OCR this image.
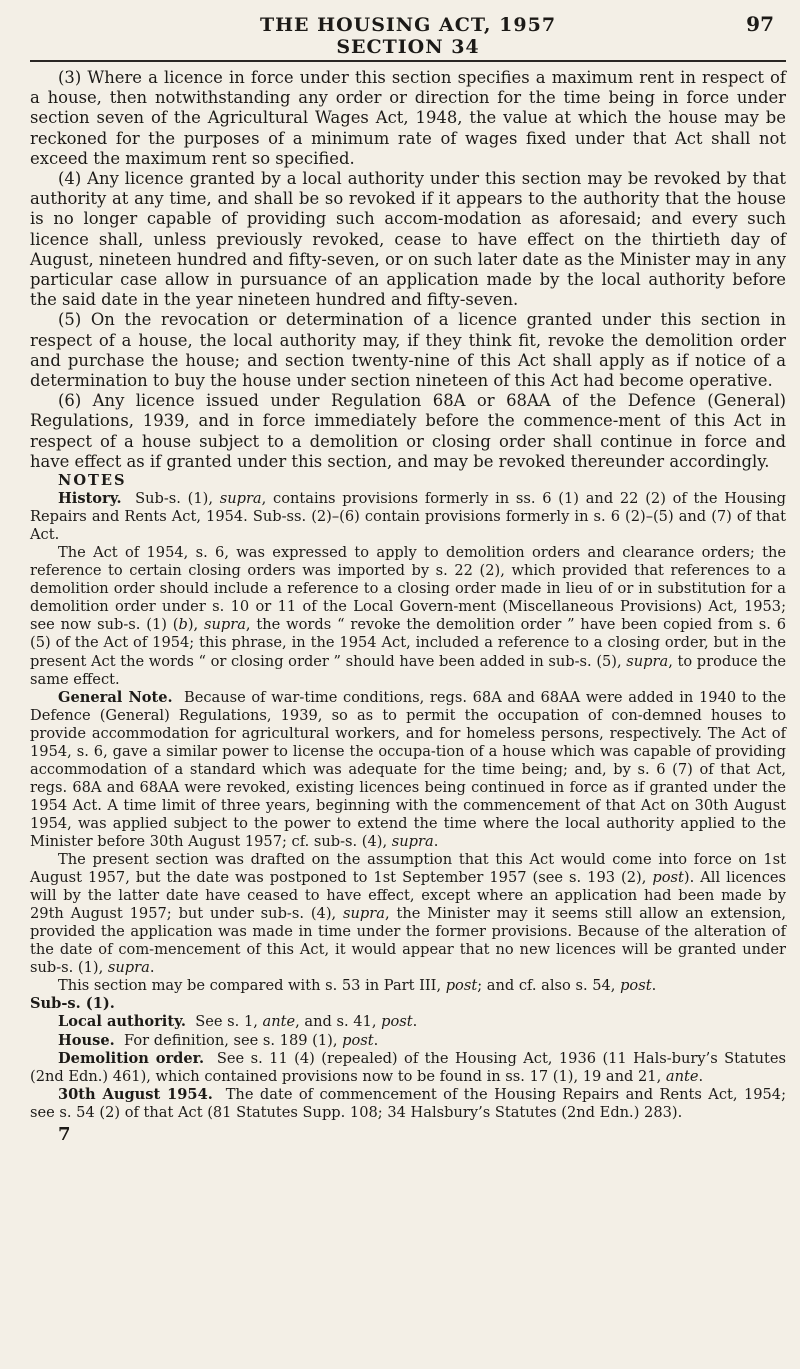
THE HOUSING ACT, 1957	97
SECTION 34

(3) Where a licence in force under this section specifies a maximum rent in respect of a house, then notwithstanding any order or direction for the time being in force under section seven of the Agricultural Wages Act, 1948, the value at which the house may be reckoned for the purposes of a minimum rate of wages fixed under that Act shall not exceed the maximum rent so specified.

(4) Any licence granted by a local authority under this section may be revoked by that authority at any time, and shall be so revoked if it appears to the authority that the house is no longer capable of providing such accom-modation as aforesaid; and every such licence shall, unless previously revoked, cease to have effect on the thirtieth day of August, nineteen hundred and fifty-seven, or on such later date as the Minister may in any particular case allow in pursuance of an application made by the local authority before the said date in the year nineteen hundred and fifty-seven.

(5) On the revocation or determination of a licence granted under this section in respect of a house, the local authority may, if they think fit, revoke the demolition order and purchase the house; and section twenty-nine of this Act shall apply as if notice of a determination to buy the house under section nineteen of this Act had become operative.

(6) Any licence issued under Regulation 68A or 68AA of the Defence (General) Regulations, 1939, and in force immediately before the commence-ment of this Act in respect of a house subject to a demolition or closing order shall continue in force and have effect as if granted under this section, and may be revoked thereunder accordingly.

NOTES

History. Sub-s. (1), supra, contains provisions formerly in ss. 6 (1) and 22 (2) of the Housing Repairs and Rents Act, 1954. Sub-ss. (2)–(6) contain provisions formerly in s. 6 (2)–(5) and (7) of that Act.

The Act of 1954, s. 6, was expressed to apply to demolition orders and clearance orders; the reference to certain closing orders was imported by s. 22 (2), which provided that references to a demolition order should include a reference to a closing order made in lieu of or in substitution for a demolition order under s. 10 or 11 of the Local Govern-ment (Miscellaneous Provisions) Act, 1953; see now sub-s. (1) (b), supra, the words “ revoke the demolition order ” have been copied from s. 6 (5) of the Act of 1954; this phrase, in the 1954 Act, included a reference to a closing order, but in the present Act the words “ or closing order ” should have been added in sub-s. (5), supra, to produce the same effect.

General Note. Because of war-time conditions, regs. 68A and 68AA were added in 1940 to the Defence (General) Regulations, 1939, so as to permit the occupation of con-demned houses to provide accommodation for agricultural workers, and for homeless persons, respectively. The Act of 1954, s. 6, gave a similar power to license the occupa-tion of a house which was capable of providing accommodation of a standard which was adequate for the time being; and, by s. 6 (7) of that Act, regs. 68A and 68AA were revoked, existing licences being continued in force as if granted under the 1954 Act. A time limit of three years, beginning with the commencement of that Act on 30th August 1954, was applied subject to the power to extend the time where the local authority applied to the Minister before 30th August 1957; cf. sub-s. (4), supra.

The present section was drafted on the assumption that this Act would come into force on 1st August 1957, but the date was postponed to 1st September 1957 (see s. 193 (2), post). All licences will by the latter date have ceased to have effect, except where an application had been made by 29th August 1957; but under sub-s. (4), supra, the Minister may it seems still allow an extension, provided the application was made in time under the former provisions. Because of the alteration of the date of com-mencement of this Act, it would appear that no new licences will be granted under sub-s. (1), supra.

This section may be compared with s. 53 in Part III, post; and cf. also s. 54, post.

Sub-s. (1).

Local authority. See s. 1, ante, and s. 41, post.

House. For definition, see s. 189 (1), post.

Demolition order. See s. 11 (4) (repealed) of the Housing Act, 1936 (11 Hals-bury’s Statutes (2nd Edn.) 461), which contained provisions now to be found in ss. 17 (1), 19 and 21, ante.

30th August 1954. The date of commencement of the Housing Repairs and Rents Act, 1954; see s. 54 (2) of that Act (81 Statutes Supp. 108; 34 Halsbury’s Statutes (2nd Edn.) 283).

7
